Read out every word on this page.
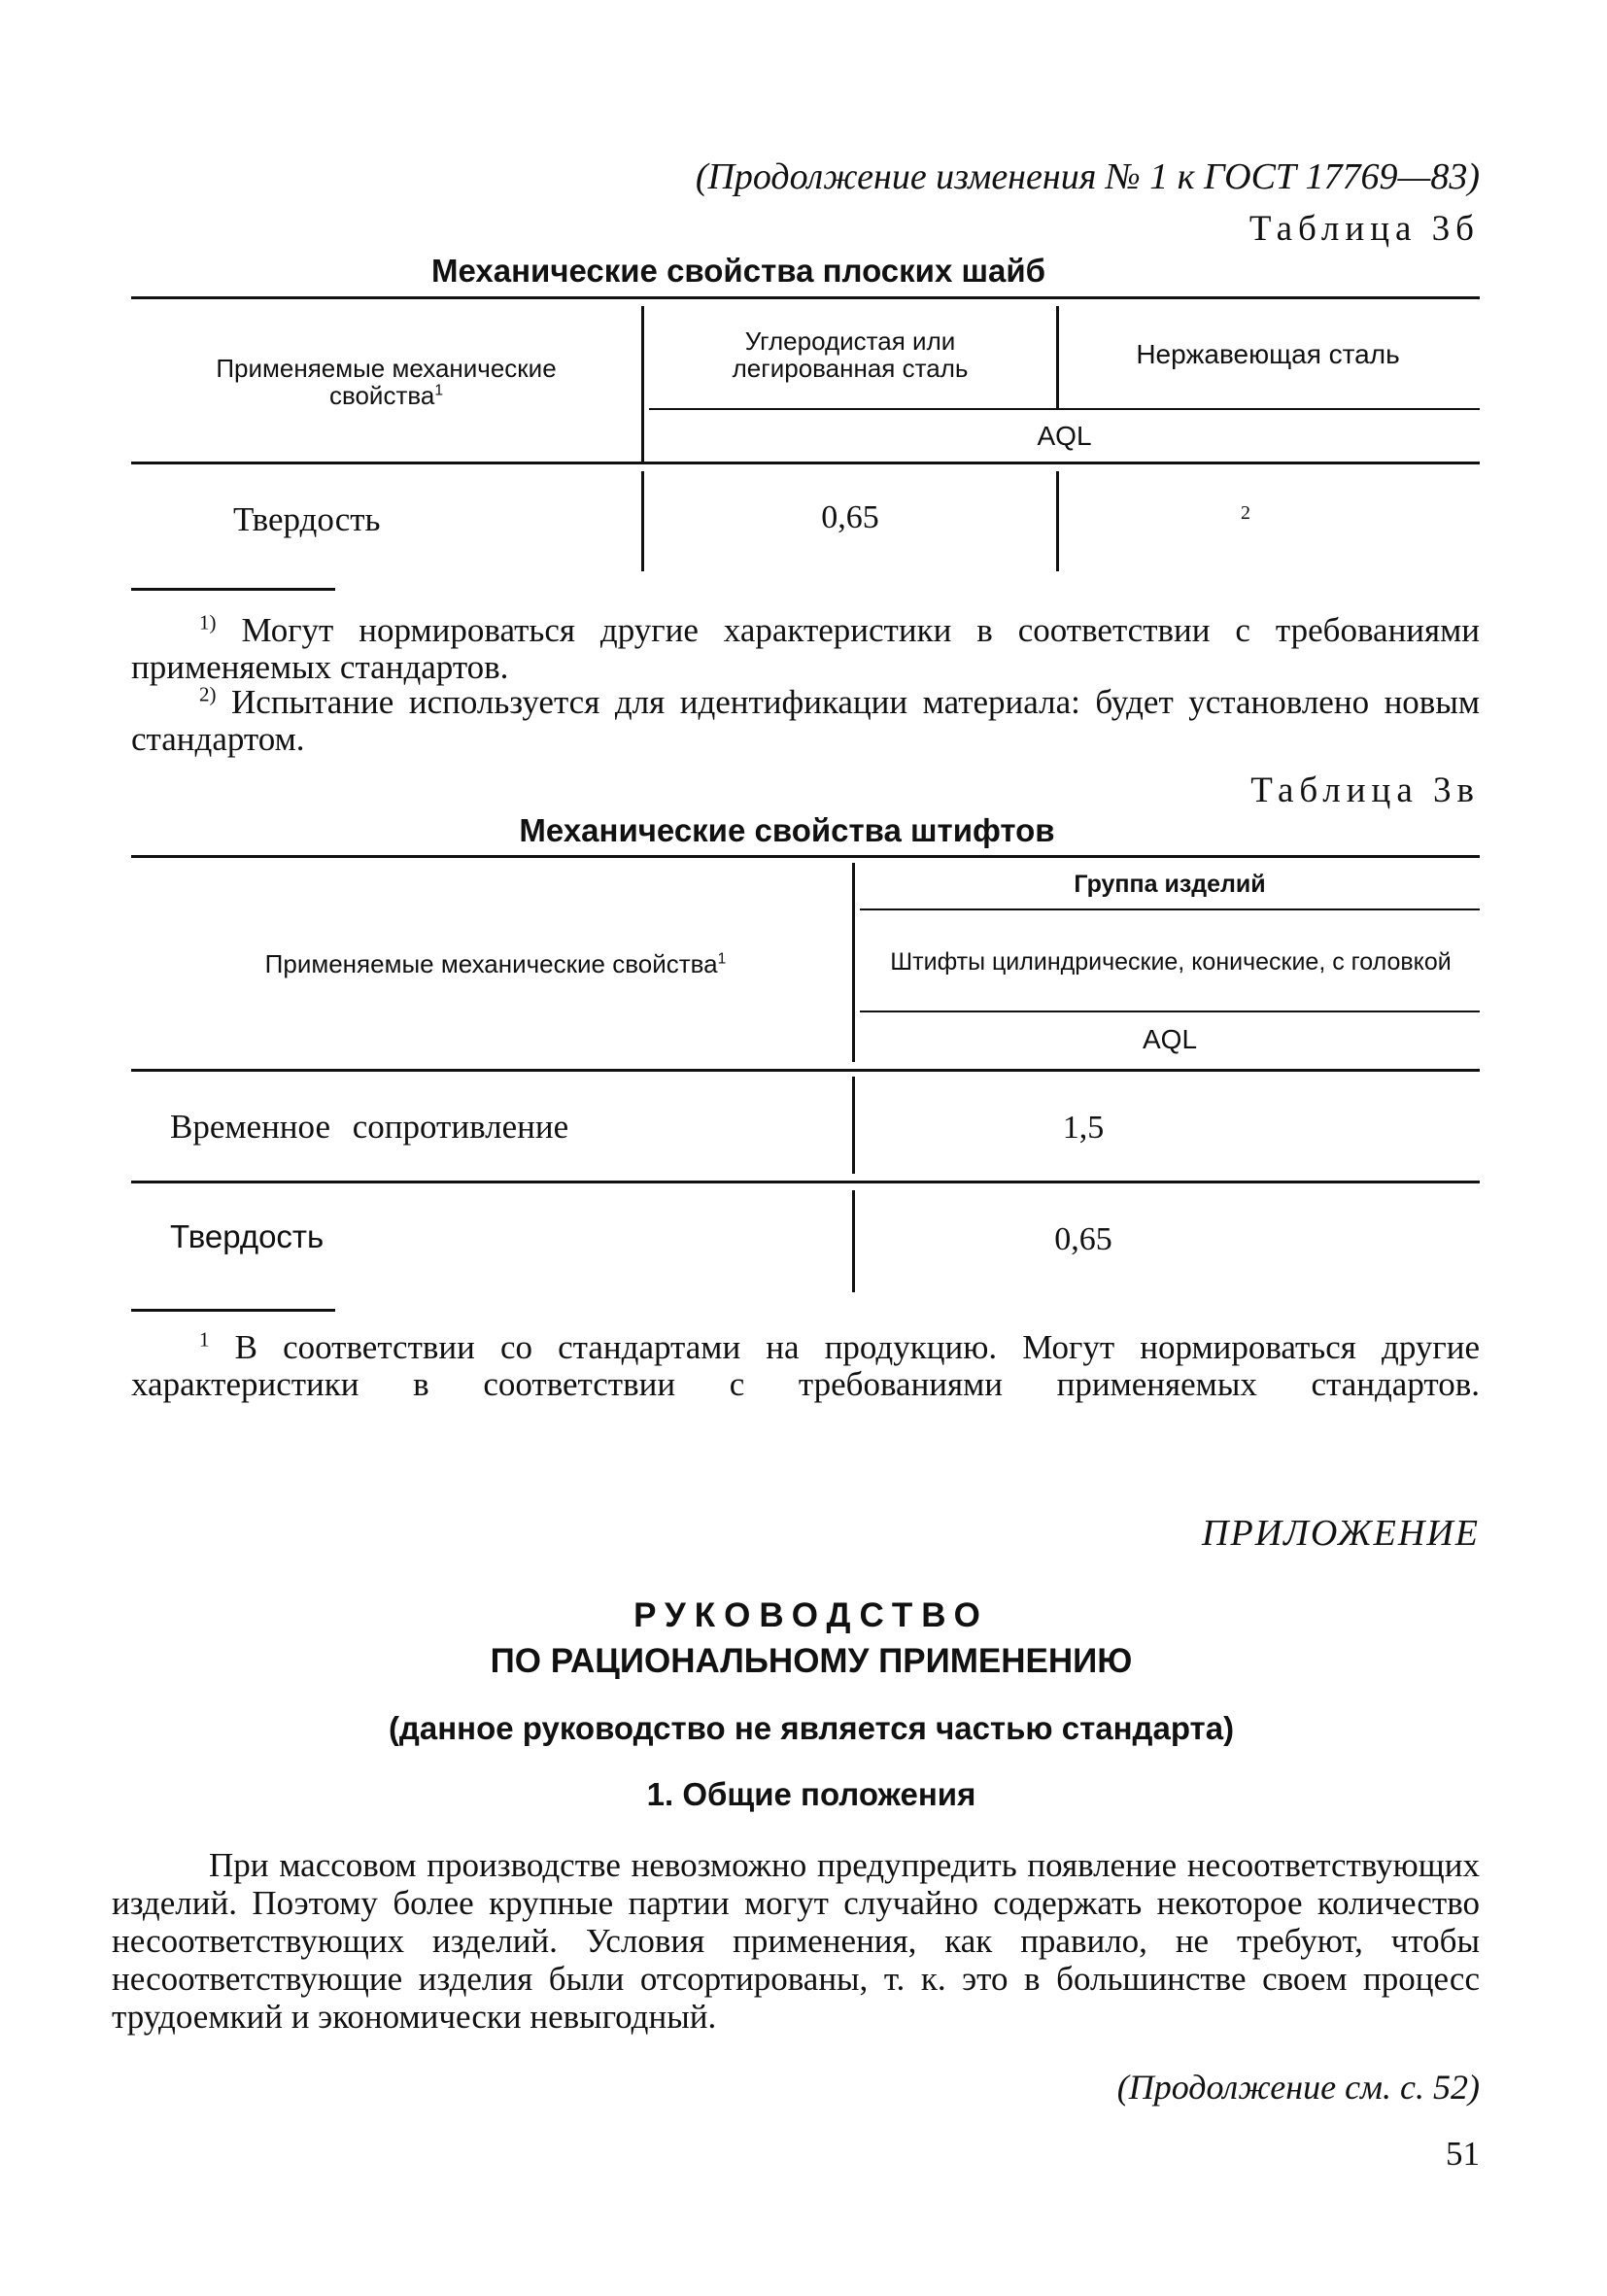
(Продолжение изменения № 1 к ГОСТ 17769—83)
Таблица 3б
Механические свойства плоских шайб
Применяемые механические свойства$^1$
Углеродистая или легированная сталь	Нержавеющая сталь
AQL
Твердость	0,65	2
$^{1)}$ Могут нормироваться другие характеристики в соответствии с требованиями применяемых стандартов.
$^{2)}$ Испытание используется для идентификации материала: будет установлено новым стандартом.
Таблица 3в
Механические свойства штифтов
Применяемые механические свойства$^1$
Группа изделий
Штифты цилиндрические, конические, с головкой
AQL
Временное сопротивление	1,5
Твердость	0,65
$^1$ В соответствии со стандартами на продукцию. Могут нормироваться другие характеристики в соответствии с требованиями применяемых стандартов.
ПРИЛОЖЕНИЕ
РУКОВОДСТВО
ПО РАЦИОНАЛЬНОМУ ПРИМЕНЕНИЮ
(данное руководство не является частью стандарта)
1. Общие положения
При массовом производстве невозможно предупредить появление несоответствующих изделий. Поэтому более крупные партии могут случайно содержать некоторое количество несоответствующих изделий. Условия применения, как правило, не требуют, чтобы несоответствующие изделия были отсортированы, т. к. это в большинстве своем процесс трудоемкий и экономически невыгодный.
(Продолжение см. с. 52)
51
